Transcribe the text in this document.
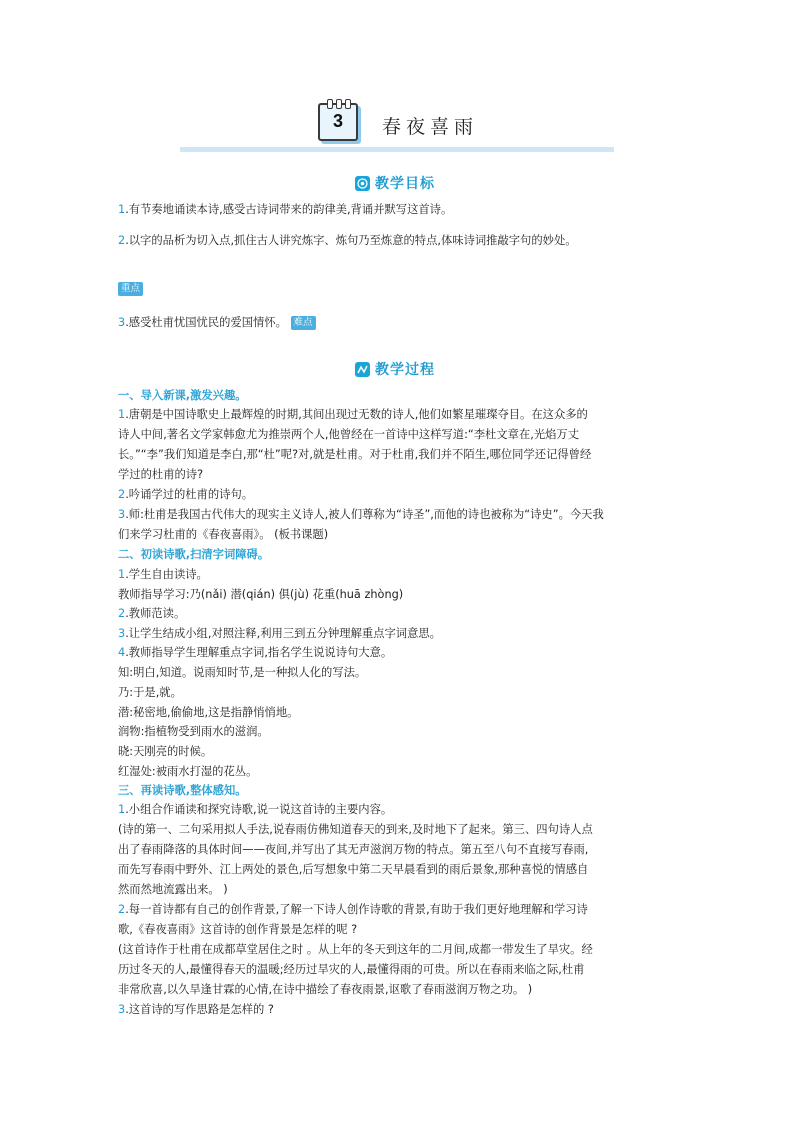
3	春夜喜雨
教学目标
1.有节奏地诵读本诗,感受古诗词带来的韵律美,背诵并默写这首诗。
2.以字的品析为切入点,抓住古人讲究炼字、炼句乃至炼意的特点,体味诗词推敲字句的妙处。
重点
3.感受杜甫忧国忧民的爱国情怀。 难点
教学过程
一、导入新课,激发兴趣。
1.唐朝是中国诗歌史上最辉煌的时期,其间出现过无数的诗人,他们如繁星璀璨夺目。在这众多的
诗人中间,著名文学家韩愈尤为推崇两个人,他曾经在一首诗中这样写道:“李杜文章在,光焰万丈
长。”“李”我们知道是李白,那“杜”呢?对,就是杜甫。对于杜甫,我们并不陌生,哪位同学还记得曾经
学过的杜甫的诗?
2.吟诵学过的杜甫的诗句。
3.师:杜甫是我国古代伟大的现实主义诗人,被人们尊称为“诗圣”,而他的诗也被称为“诗史”。今天我
们来学习杜甫的《春夜喜雨》。 (板书课题)
二、初读诗歌,扫清字词障碍。
1.学生自由读诗。
教师指导学习:乃(nǎi) 潜(qián) 俱(jù) 花重(huā zhòng)
2.教师范读。
3.让学生结成小组,对照注释,利用三到五分钟理解重点字词意思。
4.教师指导学生理解重点字词,指名学生说说诗句大意。
知:明白,知道。说雨知时节,是一种拟人化的写法。
乃:于是,就。
潜:秘密地,偷偷地,这是指静悄悄地。
润物:指植物受到雨水的滋润。
晓:天刚亮的时候。
红湿处:被雨水打湿的花丛。
三、再读诗歌,整体感知。
1.小组合作诵读和探究诗歌,说一说这首诗的主要内容。
(诗的第一、二句采用拟人手法,说春雨仿佛知道春天的到来,及时地下了起来。第三、四句诗人点
出了春雨降落的具体时间——夜间,并写出了其无声滋润万物的特点。第五至八句不直接写春雨,
而先写春雨中野外、江上两处的景色,后写想象中第二天早晨看到的雨后景象,那种喜悦的情感自
然而然地流露出来。 )
2.每一首诗都有自己的创作背景,了解一下诗人创作诗歌的背景,有助于我们更好地理解和学习诗
歌,《春夜喜雨》这首诗的创作背景是怎样的呢 ?
(这首诗作于杜甫在成都草堂居住之时 。从上年的冬天到这年的二月间,成都一带发生了旱灾。经
历过冬天的人,最懂得春天的温暖;经历过旱灾的人,最懂得雨的可贵。所以在春雨来临之际,杜甫
非常欣喜,以久旱逢甘霖的心情,在诗中描绘了春夜雨景,讴歌了春雨滋润万物之功。 )
3.这首诗的写作思路是怎样的 ?
